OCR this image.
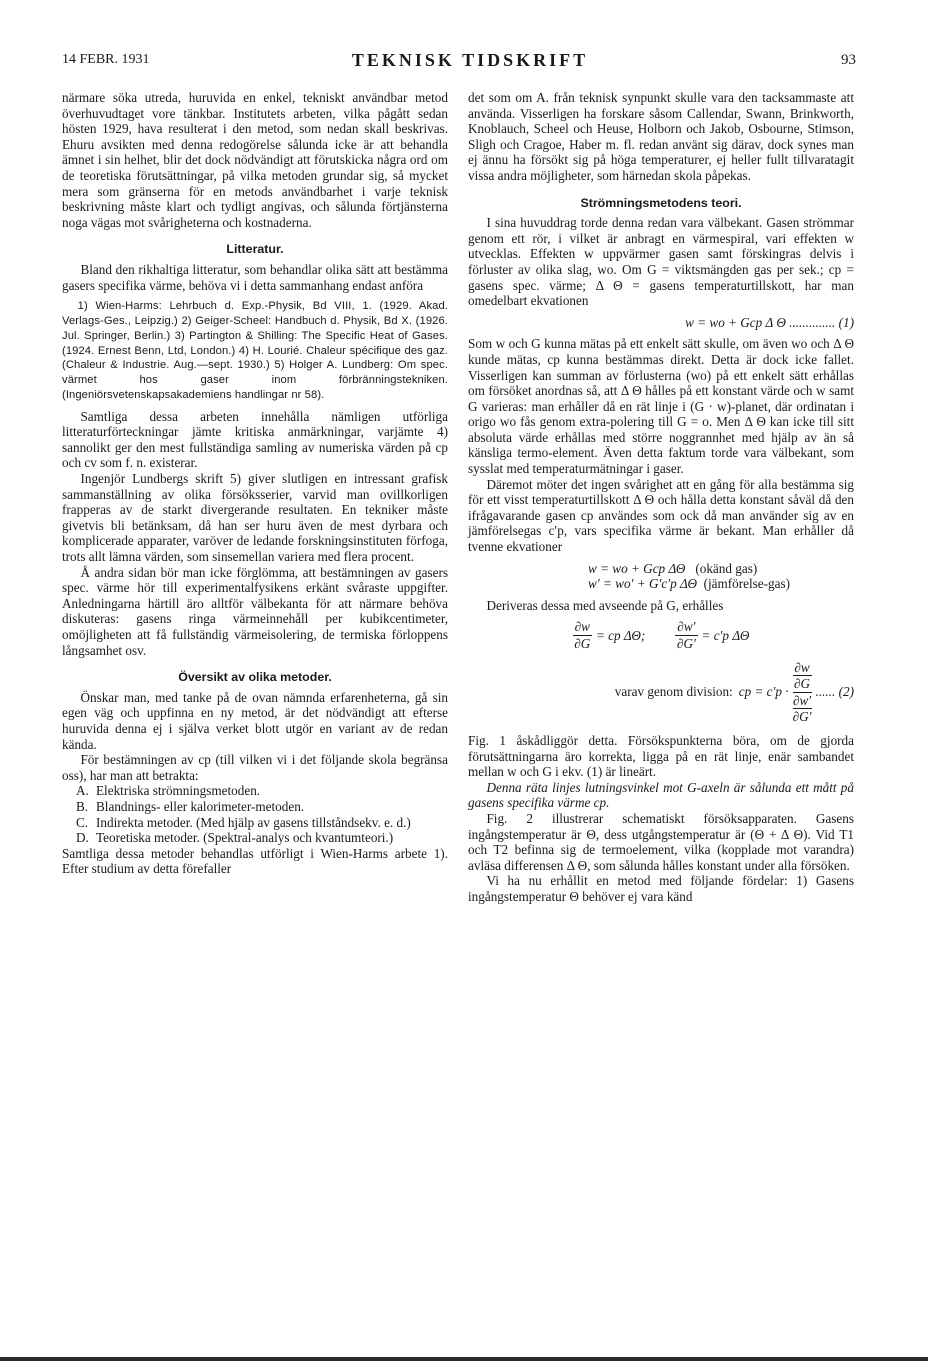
14 FEBR. 1931	TEKNISK TIDSKRIFT	93

närmare söka utreda, huruvida en enkel, tekniskt användbar metod överhuvudtaget vore tänkbar. Institutets arbeten, vilka pågått sedan hösten 1929, hava resulterat i den metod, som nedan skall beskrivas. Ehuru avsikten med denna redogörelse sålunda icke är att behandla ämnet i sin helhet, blir det dock nödvändigt att förutskicka några ord om de teoretiska förutsättningar, på vilka metoden grundar sig, så mycket mera som gränserna för en metods användbarhet i varje teknisk beskrivning måste klart och tydligt angivas, och sålunda förtjänsterna noga vägas mot svårigheterna och kostnaderna.

Litteratur.

Bland den rikhaltiga litteratur, som behandlar olika sätt att bestämma gasers specifika värme, behöva vi i detta sammanhang endast anföra

1) Wien-Harms: Lehrbuch d. Exp.-Physik, Bd VIII, 1. (1929. Akad. Verlags-Ges., Leipzig.) 2) Geiger-Scheel: Handbuch d. Physik, Bd X. (1926. Jul. Springer, Berlin.) 3) Partington & Shilling: The Specific Heat of Gases. (1924. Ernest Benn, Ltd, London.) 4) H. Lourié. Chaleur spécifique des gaz. (Chaleur & Industrie. Aug.—sept. 1930.) 5) Holger A. Lundberg: Om spec. värmet hos gaser inom förbränningstekniken. (Ingeniörsvetenskapsakademiens handlingar nr 58).

Samtliga dessa arbeten innehålla nämligen utförliga litteraturförteckningar jämte kritiska anmärkningar, varjämte 4) sannolikt ger den mest fullständiga samling av numeriska värden på cp och cv som f. n. existerar.

Ingenjör Lundbergs skrift 5) giver slutligen en intressant grafisk sammanställning av olika försöksserier, varvid man ovillkorligen frapperas av de starkt divergerande resultaten. En tekniker måste givetvis bli betänksam, då han ser huru även de mest dyrbara och komplicerade apparater, varöver de ledande forskningsinstituten förfoga, trots allt lämna värden, som sinsemellan variera med flera procent.

Å andra sidan bör man icke förglömma, att bestämningen av gasers spec. värme hör till experimentalfysikens erkänt svåraste uppgifter. Anledningarna härtill äro alltför välbekanta för att närmare behöva diskuteras: gasens ringa värmeinnehåll per kubikcentimeter, omöjligheten att få fullständig värmeisolering, de termiska förloppens långsamhet osv.

Översikt av olika metoder.

Önskar man, med tanke på de ovan nämnda erfarenheterna, gå sin egen väg och uppfinna en ny metod, är det nödvändigt att efterse huruvida denna ej i själva verket blott utgör en variant av de redan kända.

För bestämningen av cp (till vilken vi i det följande skola begränsa oss), har man att betrakta:

A. Elektriska strömningsmetoden.
B. Blandnings- eller kalorimeter-metoden.
C. Indirekta metoder. (Med hjälp av gasens tillståndsekv. e. d.)
D. Teoretiska metoder. (Spektral-analys och kvantumteori.)

Samtliga dessa metoder behandlas utförligt i Wien-Harms arbete 1). Efter studium av detta förefaller

det som om A. från teknisk synpunkt skulle vara den tacksammaste att använda. Visserligen ha forskare såsom Callendar, Swann, Brinkworth, Knoblauch, Scheel och Heuse, Holborn och Jakob, Osbourne, Stimson, Sligh och Cragoe, Haber m. fl. redan använt sig därav, dock synes man ej ännu ha försökt sig på höga temperaturer, ej heller fullt tillvaratagit vissa andra möjligheter, som härnedan skola påpekas.

Strömningsmetodens teori.

I sina huvuddrag torde denna redan vara välbekant. Gasen strömmar genom ett rör, i vilket är anbragt en värmespiral, vari effekten w utvecklas. Effekten w uppvärmer gasen samt förskingras delvis i förluster av olika slag, wo. Om G = viktsmängden gas per sek.; cp = gasens spec. värme; Δ Θ = gasens temperaturtillskott, har man omedelbart ekvationen

w = wo + Gcp Δ Θ .............. (1)

Som w och G kunna mätas på ett enkelt sätt skulle, om även wo och Δ Θ kunde mätas, cp kunna bestämmas direkt. Detta är dock icke fallet. Visserligen kan summan av förlusterna (wo) på ett enkelt sätt erhållas om försöket anordnas så, att Δ Θ hålles på ett konstant värde och w samt G varieras: man erhåller då en rät linje i (G · w)-planet, där ordinatan i origo wo fås genom extra-polering till G = o. Men Δ Θ kan icke till sitt absoluta värde erhållas med större noggrannhet med hjälp av än så känsliga termo-element. Även detta faktum torde vara välbekant, som sysslat med temperaturmätningar i gaser.

Däremot möter det ingen svårighet att en gång för alla bestämma sig för ett visst temperaturtillskott Δ Θ och hålla detta konstant såväl då den ifrågavarande gasen cp användes som ock då man använder sig av en jämförelsegas c′p, vars specifika värme är bekant. Man erhåller då tvenne ekvationer

w = wo + Gcp ΔΘ (okänd gas)
w′ = wo′ + G′c′p ΔΘ (jämförelse-gas)

Deriveras dessa med avseende på G, erhålles

$\frac{\partial w}{\partial G}$ = cp ΔΘ; $\frac{\partial w'}{\partial G'} = c'p$ ΔΘ
varav genom division: cp = c′p ·
∂w
∂G
∂w′
∂G′
...... (2)

Fig. 1 åskådliggör detta. Försökspunkterna böra, om de gjorda förutsättningarna äro korrekta, ligga på en rät linje, enär sambandet mellan w och G i ekv. (1) är lineärt.

Denna räta linjes lutningsvinkel mot G-axeln är sålunda ett mått på gasens specifika värme cp.

Fig. 2 illustrerar schematiskt försöksapparaten. Gasens ingångstemperatur är Θ, dess utgångstemperatur är (Θ + Δ Θ). Vid T1 och T2 befinna sig de termoelement, vilka (kopplade mot varandra) avläsa differensen Δ Θ, som sålunda hålles konstant under alla försöken.

Vi ha nu erhållit en metod med följande fördelar: 1) Gasens ingångstemperatur Θ behöver ej vara känd
